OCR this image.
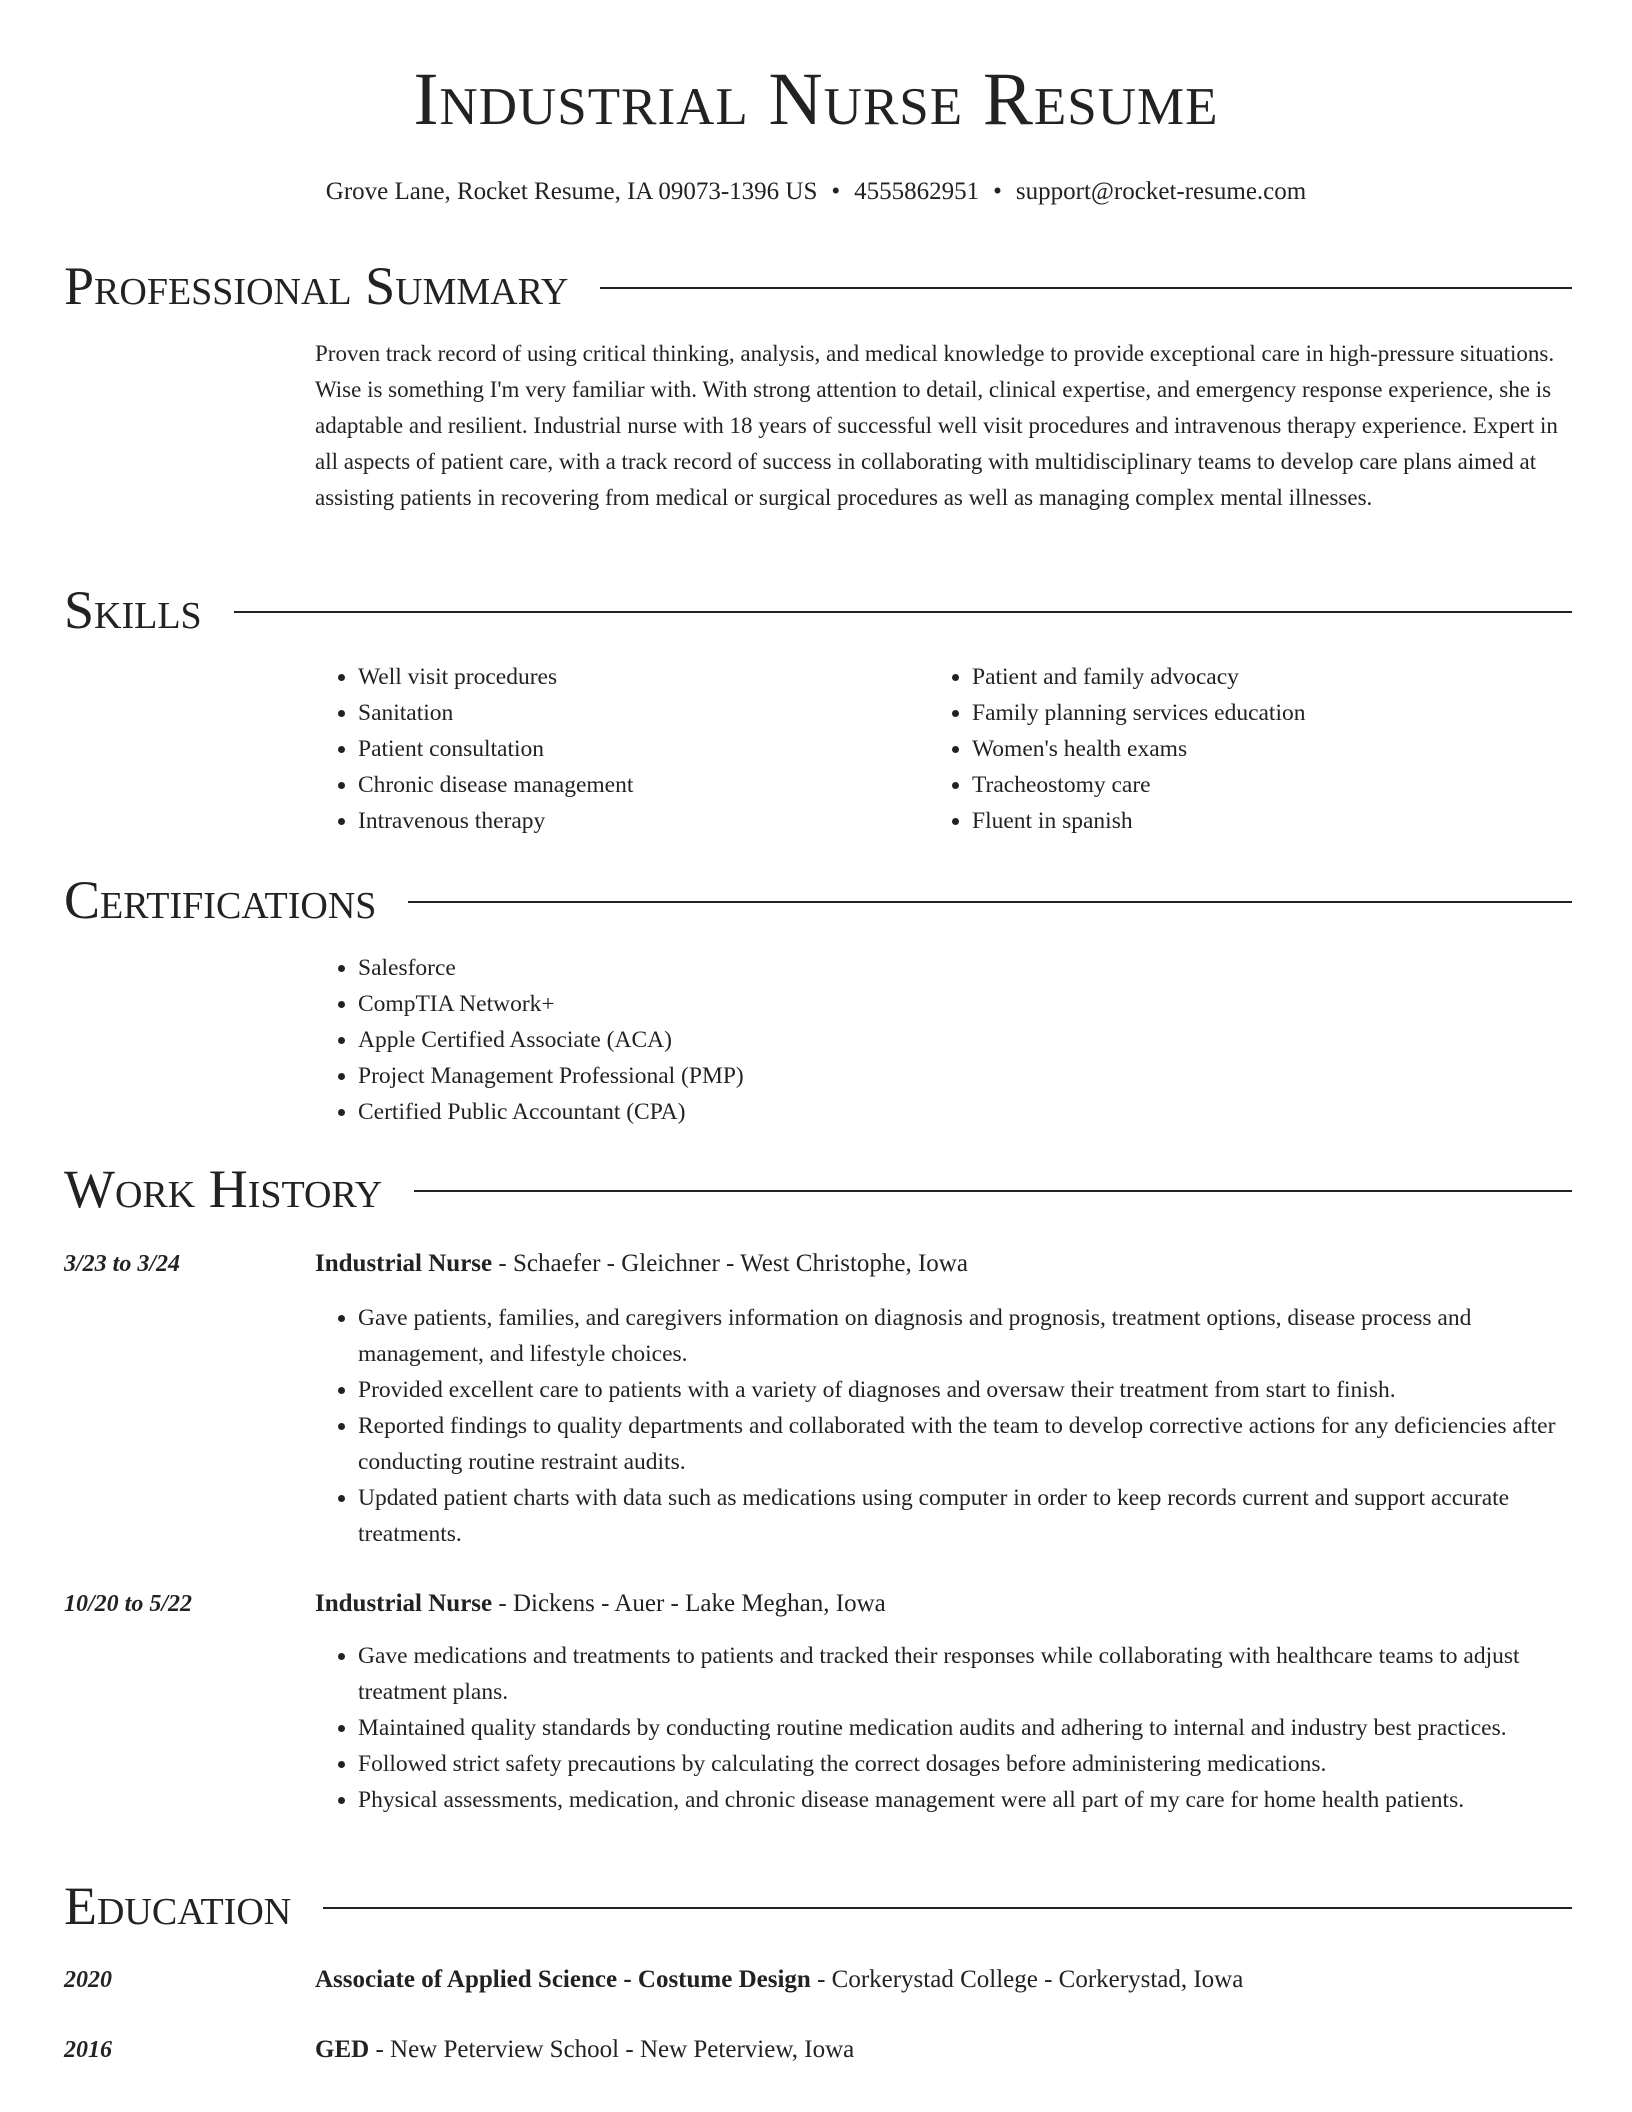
Industrial Nurse Resume
Grove Lane, Rocket Resume, IA 09073-1396 US • 4555862951 • support@rocket-resume.com
Professional Summary
Proven track record of using critical thinking, analysis, and medical knowledge to provide exceptional care in high-pressure situations. Wise is something I'm very familiar with. With strong attention to detail, clinical expertise, and emergency response experience, she is adaptable and resilient. Industrial nurse with 18 years of successful well visit procedures and intravenous therapy experience. Expert in all aspects of patient care, with a track record of success in collaborating with multidisciplinary teams to develop care plans aimed at assisting patients in recovering from medical or surgical procedures as well as managing complex mental illnesses.
Skills
• Well visit procedures
• Sanitation
• Patient consultation
• Chronic disease management
• Intravenous therapy
• Patient and family advocacy
• Family planning services education
• Women's health exams
• Tracheostomy care
• Fluent in spanish
Certifications
• Salesforce
• CompTIA Network+
• Apple Certified Associate (ACA)
• Project Management Professional (PMP)
• Certified Public Accountant (CPA)
Work History
3/23 to 3/24	Industrial Nurse - Schaefer - Gleichner - West Christophe, Iowa
• Gave patients, families, and caregivers information on diagnosis and prognosis, treatment options, disease process and management, and lifestyle choices.
• Provided excellent care to patients with a variety of diagnoses and oversaw their treatment from start to finish.
• Reported findings to quality departments and collaborated with the team to develop corrective actions for any deficiencies after conducting routine restraint audits.
• Updated patient charts with data such as medications using computer in order to keep records current and support accurate treatments.
10/20 to 5/22	Industrial Nurse - Dickens - Auer - Lake Meghan, Iowa
• Gave medications and treatments to patients and tracked their responses while collaborating with healthcare teams to adjust treatment plans.
• Maintained quality standards by conducting routine medication audits and adhering to internal and industry best practices.
• Followed strict safety precautions by calculating the correct dosages before administering medications.
• Physical assessments, medication, and chronic disease management were all part of my care for home health patients.
Education
2020	Associate of Applied Science - Costume Design - Corkerystad College - Corkerystad, Iowa
2016	GED - New Peterview School - New Peterview, Iowa
